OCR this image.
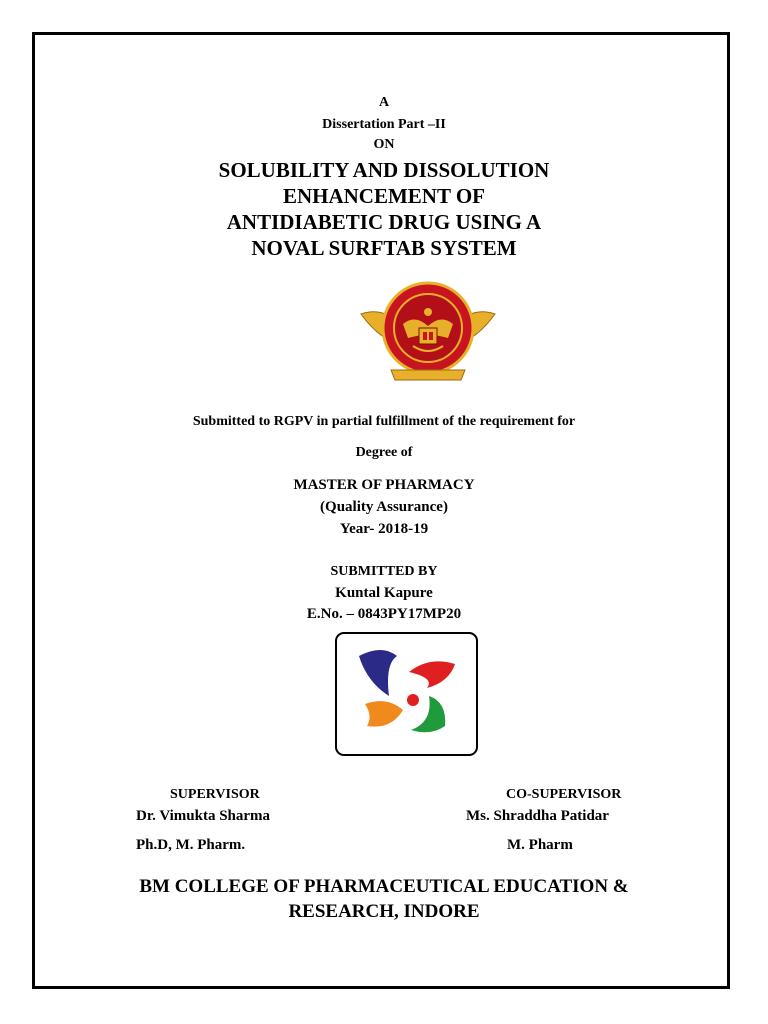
A
Dissertation Part –II
ON
SOLUBILITY AND DISSOLUTION
ENHANCEMENT OF
ANTIDIABETIC DRUG USING A
NOVAL SURFTAB SYSTEM
Submitted to RGPV in partial fulfillment of the requirement for
Degree of
MASTER OF PHARMACY
(Quality Assurance)
Year- 2018-19
SUBMITTED BY
Kuntal Kapure
E.No. – 0843PY17MP20
SUPERVISOR
Dr. Vimukta Sharma
Ph.D, M. Pharm.
CO-SUPERVISOR
Ms. Shraddha Patidar
M. Pharm
BM COLLEGE OF PHARMACEUTICAL EDUCATION &
RESEARCH, INDORE
